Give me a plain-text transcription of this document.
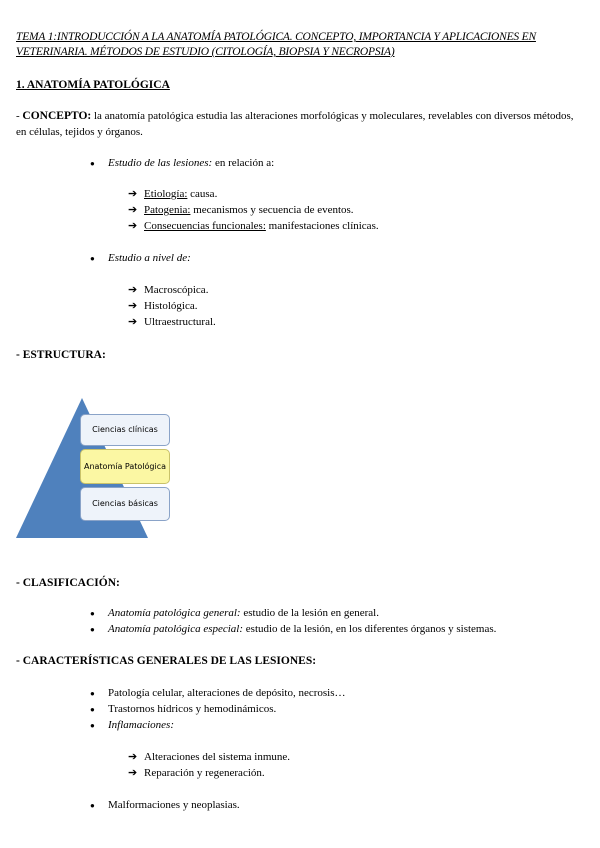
TEMA 1:INTRODUCCIÓN A LA ANATOMÍA PATOLÓGICA. CONCEPTO, IMPORTANCIA Y APLICACIONES EN VETERINARIA. MÉTODOS DE ESTUDIO (CITOLOGÍA, BIOPSIA Y NECROPSIA)
1. ANATOMÍA PATOLÓGICA
- CONCEPTO: la anatomía patológica estudia las alteraciones morfológicas y moleculares, revelables con diversos métodos, en células, tejidos y órganos.
●	Estudio de las lesiones: en relación a:
➔ Etiología: causa.
➔ Patogenia: mecanismos y secuencia de eventos.
➔ Consecuencias funcionales: manifestaciones clínicas.
●	Estudio a nivel de:
➔ Macroscópica.
➔ Histológica.
➔ Ultraestructural.
- ESTRUCTURA:
Ciencias clínicas
Anatomía Patológica
Ciencias básicas
- CLASIFICACIÓN:
●	Anatomía patológica general: estudio de la lesión en general.
●	Anatomía patológica especial: estudio de la lesión, en los diferentes órganos y sistemas.
- CARACTERÍSTICAS GENERALES DE LAS LESIONES:
●	Patología celular, alteraciones de depósito, necrosis…
●	Trastornos hídricos y hemodinámicos.
●	Inflamaciones:
➔ Alteraciones del sistema inmune.
➔ Reparación y regeneración.
●	Malformaciones y neoplasias.
